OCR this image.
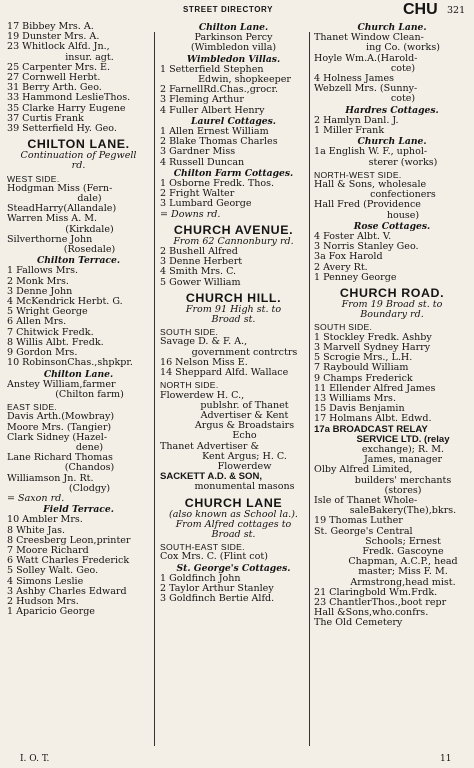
STREET DIRECTORY	CHU 321
17 Bibbey Mrs. A.
19 Dunster Mrs. A.
23 Whitlock Alfd. Jn.,
insur. agt.
25 Carpenter Mrs. E.
27 Cornwell Herbt.
31 Berry Arth. Geo.
33 Hammond LeslieThos.
35 Clarke Harry Eugene
37 Curtis Frank
39 Setterfield Hy. Geo.
CHILTON LANE.
Continuation of Pegwell
rd.
WEST SIDE.
Hodgman Miss (Fern-
dale)
SteadHarry(Allandale)
Warren Miss A. M.
(Kirkdale)
Silverthorne John
(Rosedale)
Chilton Terrace.
1 Fallows Mrs.
2 Monk Mrs.
3 Denne John
4 McKendrick Herbt. G.
5 Wright George
6 Allen Mrs.
7 Chitwick Fredk.
8 Willis Albt. Fredk.
9 Gordon Mrs.
10 RobinsonChas.,shpkpr.
Chilton Lane.
Anstey William,farmer
(Chilton farm)
EAST SIDE.
Davis Arth.(Mowbray)
Moore Mrs. (Tangier)
Clark Sidney (Hazel-
dene)
Lane Richard Thomas
(Chandos)
Williamson Jn. Rt.
(Clodgy)
= Saxon rd.
Field Terrace.
10 Ambler Mrs.
8 White Jas.
8 Creesberg Leon,printer
7 Moore Richard
6 Watt Charles Frederick
5 Solley Walt. Geo.
4 Simons Leslie
3 Ashby Charles Edward
2 Hudson Mrs.
1 Aparicio George
Chilton Lane.
Parkinson Percy
(Wimbledon villa)
Wimbledon Villas.
1 Setterfield Stephen
Edwin, shopkeeper
2 FarnellRd.Chas.,grocr.
3 Fleming Arthur
4 Fuller Albert Henry
Laurel Cottages.
1 Allen Ernest William
2 Blake Thomas Charles
3 Gardner Miss
4 Russell Duncan
Chilton Farm Cottages.
1 Osborne Fredk. Thos.
2 Fright Walter
3 Lumbard George
= Downs rd.
CHURCH AVENUE.
From 62 Cannonbury rd.
2 Bushell Alfred
3 Denne Herbert
4 Smith Mrs. C.
5 Gower William
CHURCH HILL.
From 91 High st. to
Broad st.
SOUTH SIDE.
Savage D. & F. A.,
government contrctrs
16 Nelson Miss E.
14 Sheppard Alfd. Wallace
NORTH SIDE.
Flowerdew H. C.,
publshr. of Thanet
Advertiser & Kent
Argus & Broadstairs
Echo
Thanet Advertiser &
Kent Argus; H. C.
Flowerdew
SACKETT A.D. & SON,
monumental masons
CHURCH LANE
(also known as School la.).
From Alfred cottages to
Broad st.
SOUTH-EAST SIDE.
Cox Mrs. C. (Flint cot)
St. George's Cottages.
1 Goldfinch John
2 Taylor Arthur Stanley
3 Goldfinch Bertie Alfd.
Church Lane.
Thanet Window Clean-
ing Co. (works)
Hoyle Wm.A.(Harold-
cote)
4 Holness James
Webzell Mrs. (Sunny-
cote)
Hardres Cottages.
2 Hamlyn Danl. J.
1 Miller Frank
Church Lane.
1a English W. F., uphol-
sterer (works)
NORTH-WEST SIDE.
Hall & Sons, wholesale
confectioners
Hall Fred (Providence
house)
Rose Cottages.
4 Foster Albt. V.
3 Norris Stanley Geo.
3a Fox Harold
2 Avery Rt.
1 Penney George
CHURCH ROAD.
From 19 Broad st. to
Boundary rd.
SOUTH SIDE.
1 Stockley Fredk. Ashby
3 Marvell Sydney Harry
5 Scrogie Mrs., L.H.
7 Raybould William
9 Champs Frederick
11 Ellender Alfred James
13 Williams Mrs.
15 Davis Benjamin
17 Holmans Albt. Edwd.
17a BROADCAST RELAY
SERVICE LTD. (relay
exchange); R. M.
James, manager
Olby Alfred Limited,
builders' merchants
(stores)
Isle of Thanet Whole-
saleBakery(The),bkrs.
19 Thomas Luther
St. George's Central
Schools; Ernest
Fredk. Gascoyne
Chapman, A.C.P., head
master; Miss F. M.
Armstrong,head mist.
21 Claringbold Wm.Frdk.
23 ChantlerThos.,boot repr
Hall &Sons,who.confrs.
The Old Cemetery
I. O. T.	11
